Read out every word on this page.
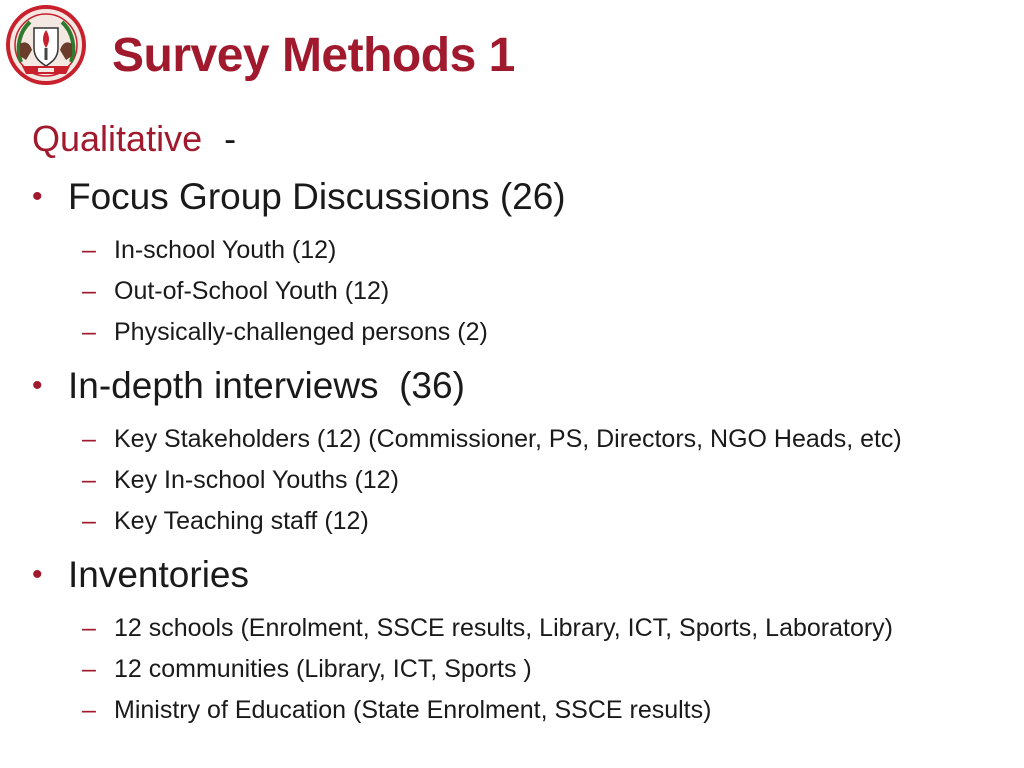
Survey Methods 1
Qualitative -
• Focus Group Discussions (26)
– In-school Youth (12)
– Out-of-School Youth (12)
– Physically-challenged persons (2)
• In-depth interviews  (36)
– Key Stakeholders (12) (Commissioner, PS, Directors, NGO Heads, etc)
– Key In-school Youths (12)
– Key Teaching staff (12)
• Inventories
– 12 schools (Enrolment, SSCE results, Library, ICT, Sports, Laboratory)
– 12 communities (Library, ICT, Sports )
– Ministry of Education (State Enrolment, SSCE results)
